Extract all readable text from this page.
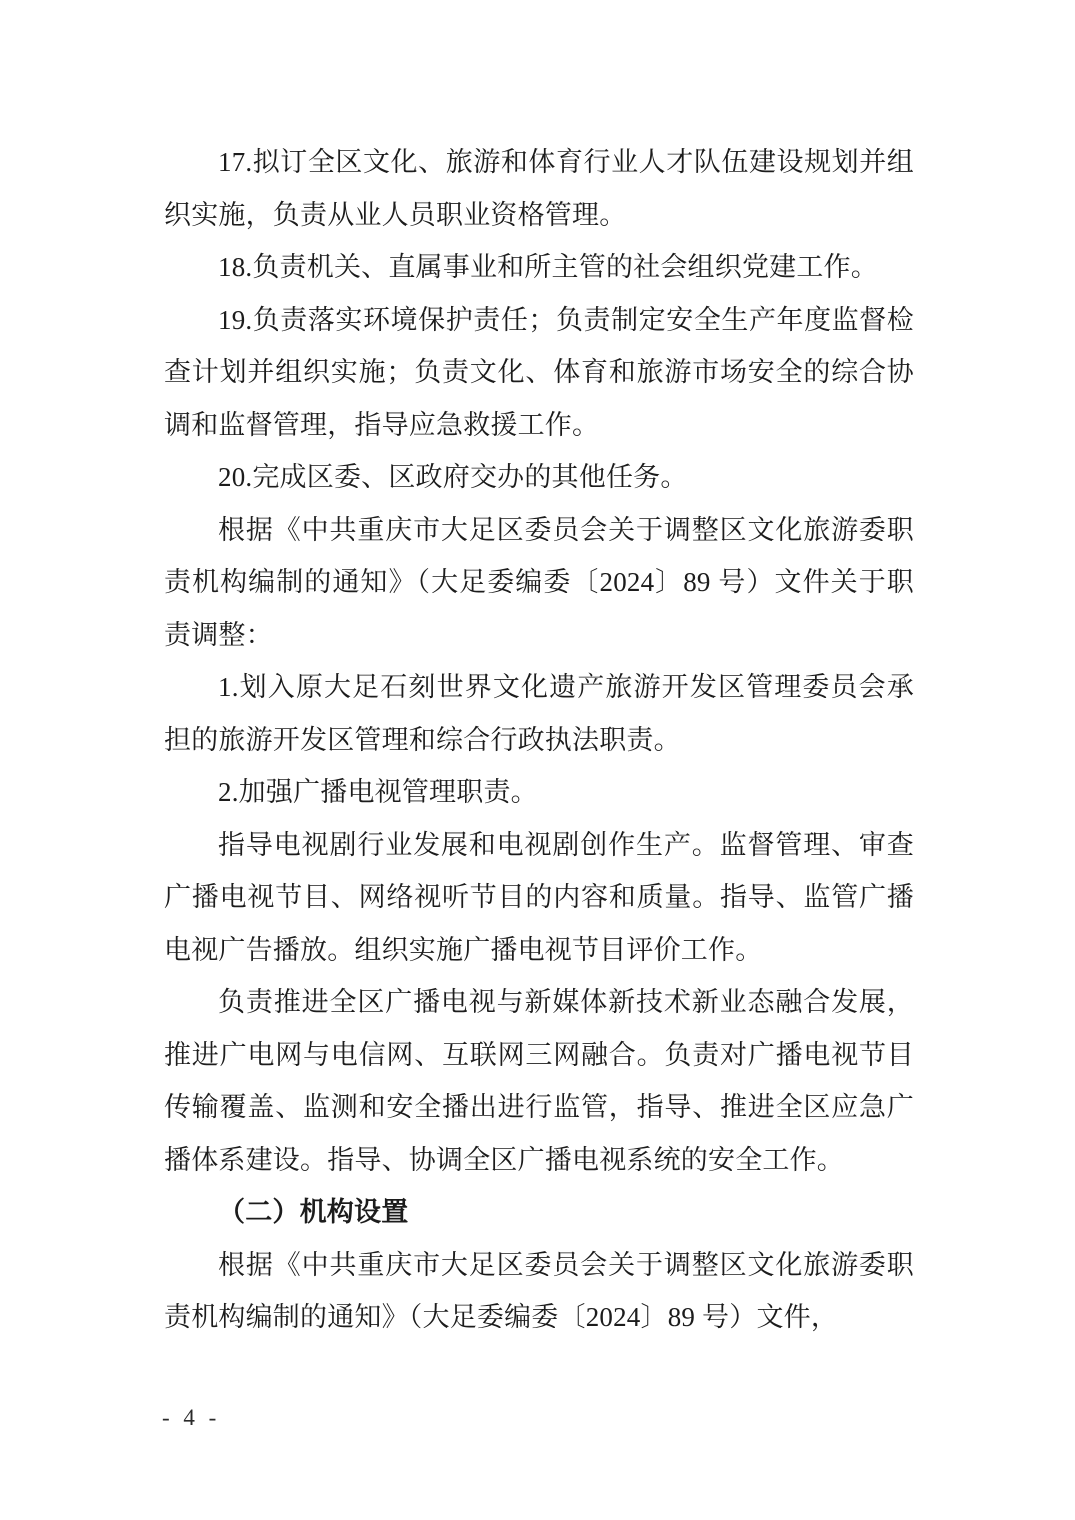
17.拟订全区文化、旅游和体育行业人才队伍建设规划并组织实施，负责从业人员职业资格管理。
18.负责机关、直属事业和所主管的社会组织党建工作。
19.负责落实环境保护责任；负责制定安全生产年度监督检查计划并组织实施；负责文化、体育和旅游市场安全的综合协调和监督管理，指导应急救援工作。
20.完成区委、区政府交办的其他任务。
根据《中共重庆市大足区委员会关于调整区文化旅游委职责机构编制的通知》（大足委编委〔2024〕89 号）文件关于职责调整：
1.划入原大足石刻世界文化遗产旅游开发区管理委员会承担的旅游开发区管理和综合行政执法职责。
2.加强广播电视管理职责。
指导电视剧行业发展和电视剧创作生产。监督管理、审查广播电视节目、网络视听节目的内容和质量。指导、监管广播电视广告播放。组织实施广播电视节目评价工作。
负责推进全区广播电视与新媒体新技术新业态融合发展，推进广电网与电信网、互联网三网融合。负责对广播电视节目传输覆盖、监测和安全播出进行监管，指导、推进全区应急广播体系建设。指导、协调全区广播电视系统的安全工作。
（二）机构设置
根据《中共重庆市大足区委员会关于调整区文化旅游委职责机构编制的通知》（大足委编委〔2024〕89 号）文件，
- 4 -
